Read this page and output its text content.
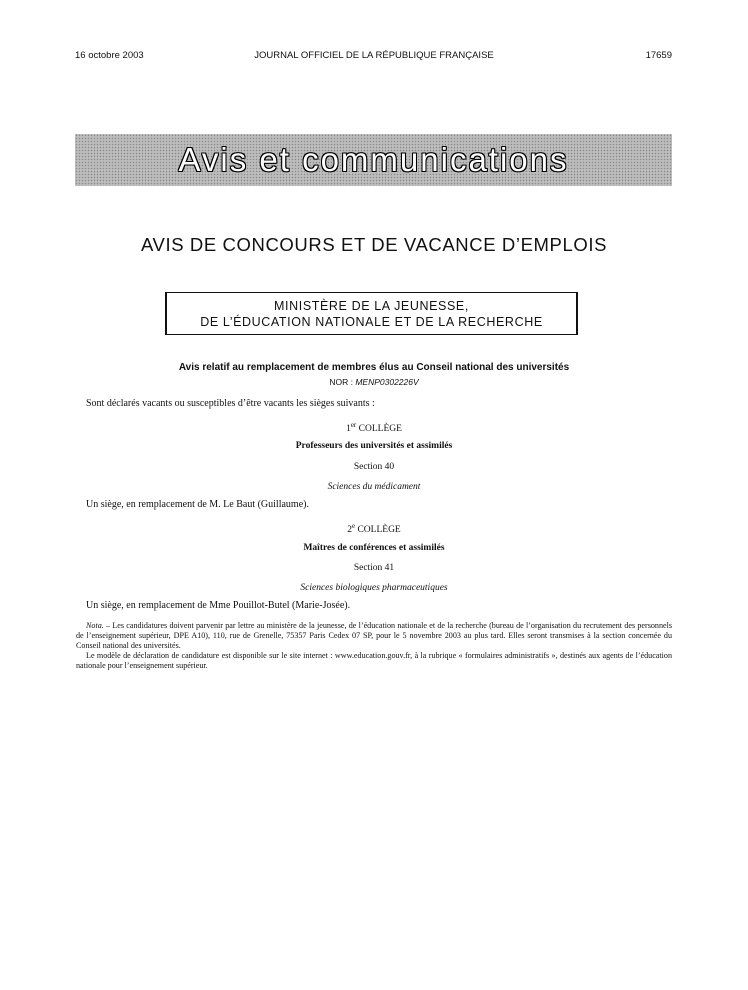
16 octobre 2003	JOURNAL OFFICIEL DE LA RÉPUBLIQUE FRANÇAISE	17659
Avis et communications
AVIS DE CONCOURS ET DE VACANCE D’EMPLOIS
MINISTÈRE DE LA JEUNESSE,
DE L’ÉDUCATION NATIONALE ET DE LA RECHERCHE
Avis relatif au remplacement de membres élus au Conseil national des universités
NOR : MENP0302226V
Sont déclarés vacants ou susceptibles d’être vacants les sièges suivants :
1er COLLÈGE
Professeurs des universités et assimilés
Section 40
Sciences du médicament
Un siège, en remplacement de M. Le Baut (Guillaume).
2e COLLÈGE
Maîtres de conférences et assimilés
Section 41
Sciences biologiques pharmaceutiques
Un siège, en remplacement de Mme Pouillot-Butel (Marie-Josée).

Nota. – Les candidatures doivent parvenir par lettre au ministère de la jeunesse, de l’éducation nationale et de la recherche (bureau de l’organisation du recrutement des personnels de l’enseignement supérieur, DPE A10), 110, rue de Grenelle, 75357 Paris Cedex 07 SP, pour le 5 novembre 2003 au plus tard. Elles seront transmises à la section concernée du Conseil national des universités.

Le modèle de déclaration de candidature est disponible sur le site internet : www.education.gouv.fr, à la rubrique « formulaires administratifs », destinés aux agents de l’éducation nationale pour l’enseignement supérieur.
